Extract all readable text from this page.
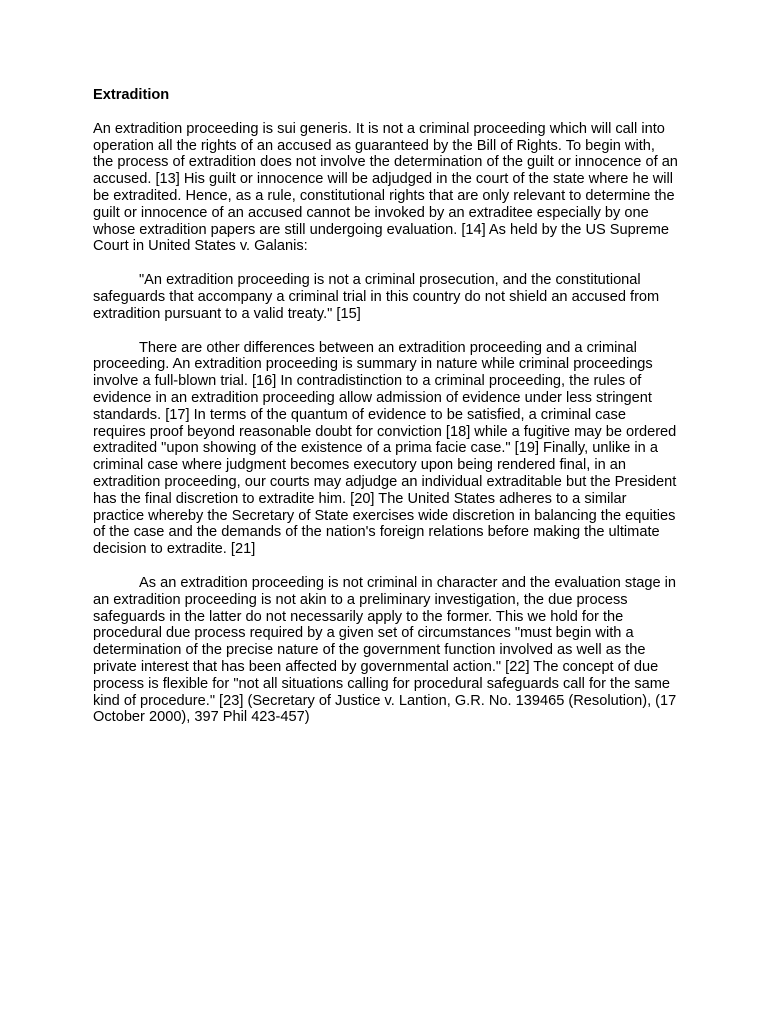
Extradition

An extradition proceeding is sui generis. It is not a criminal proceeding which will call into operation all the rights of an accused as guaranteed by the Bill of Rights. To begin with, the process of extradition does not involve the determination of the guilt or innocence of an accused. [13] His guilt or innocence will be adjudged in the court of the state where he will be extradited. Hence, as a rule, constitutional rights that are only relevant to determine the guilt or innocence of an accused cannot be invoked by an extraditee especially by one whose extradition papers are still undergoing evaluation. [14] As held by the US Supreme Court in United States v. Galanis:

"An extradition proceeding is not a criminal prosecution, and the constitutional safeguards that accompany a criminal trial in this country do not shield an accused from extradition pursuant to a valid treaty." [15]

There are other differences between an extradition proceeding and a criminal proceeding. An extradition proceeding is summary in nature while criminal proceedings involve a full-blown trial. [16] In contradistinction to a criminal proceeding, the rules of evidence in an extradition proceeding allow admission of evidence under less stringent standards. [17] In terms of the quantum of evidence to be satisfied, a criminal case requires proof beyond reasonable doubt for conviction [18] while a fugitive may be ordered extradited "upon showing of the existence of a prima facie case." [19] Finally, unlike in a criminal case where judgment becomes executory upon being rendered final, in an extradition proceeding, our courts may adjudge an individual extraditable but the President has the final discretion to extradite him. [20] The United States adheres to a similar practice whereby the Secretary of State exercises wide discretion in balancing the equities of the case and the demands of the nation's foreign relations before making the ultimate decision to extradite. [21]

As an extradition proceeding is not criminal in character and the evaluation stage in an extradition proceeding is not akin to a preliminary investigation, the due process safeguards in the latter do not necessarily apply to the former. This we hold for the procedural due process required by a given set of circumstances "must begin with a determination of the precise nature of the government function involved as well as the private interest that has been affected by governmental action." [22] The concept of due process is flexible for "not all situations calling for procedural safeguards call for the same kind of procedure." [23] (Secretary of Justice v. Lantion, G.R. No. 139465 (Resolution), (17 October 2000), 397 Phil 423-457)
